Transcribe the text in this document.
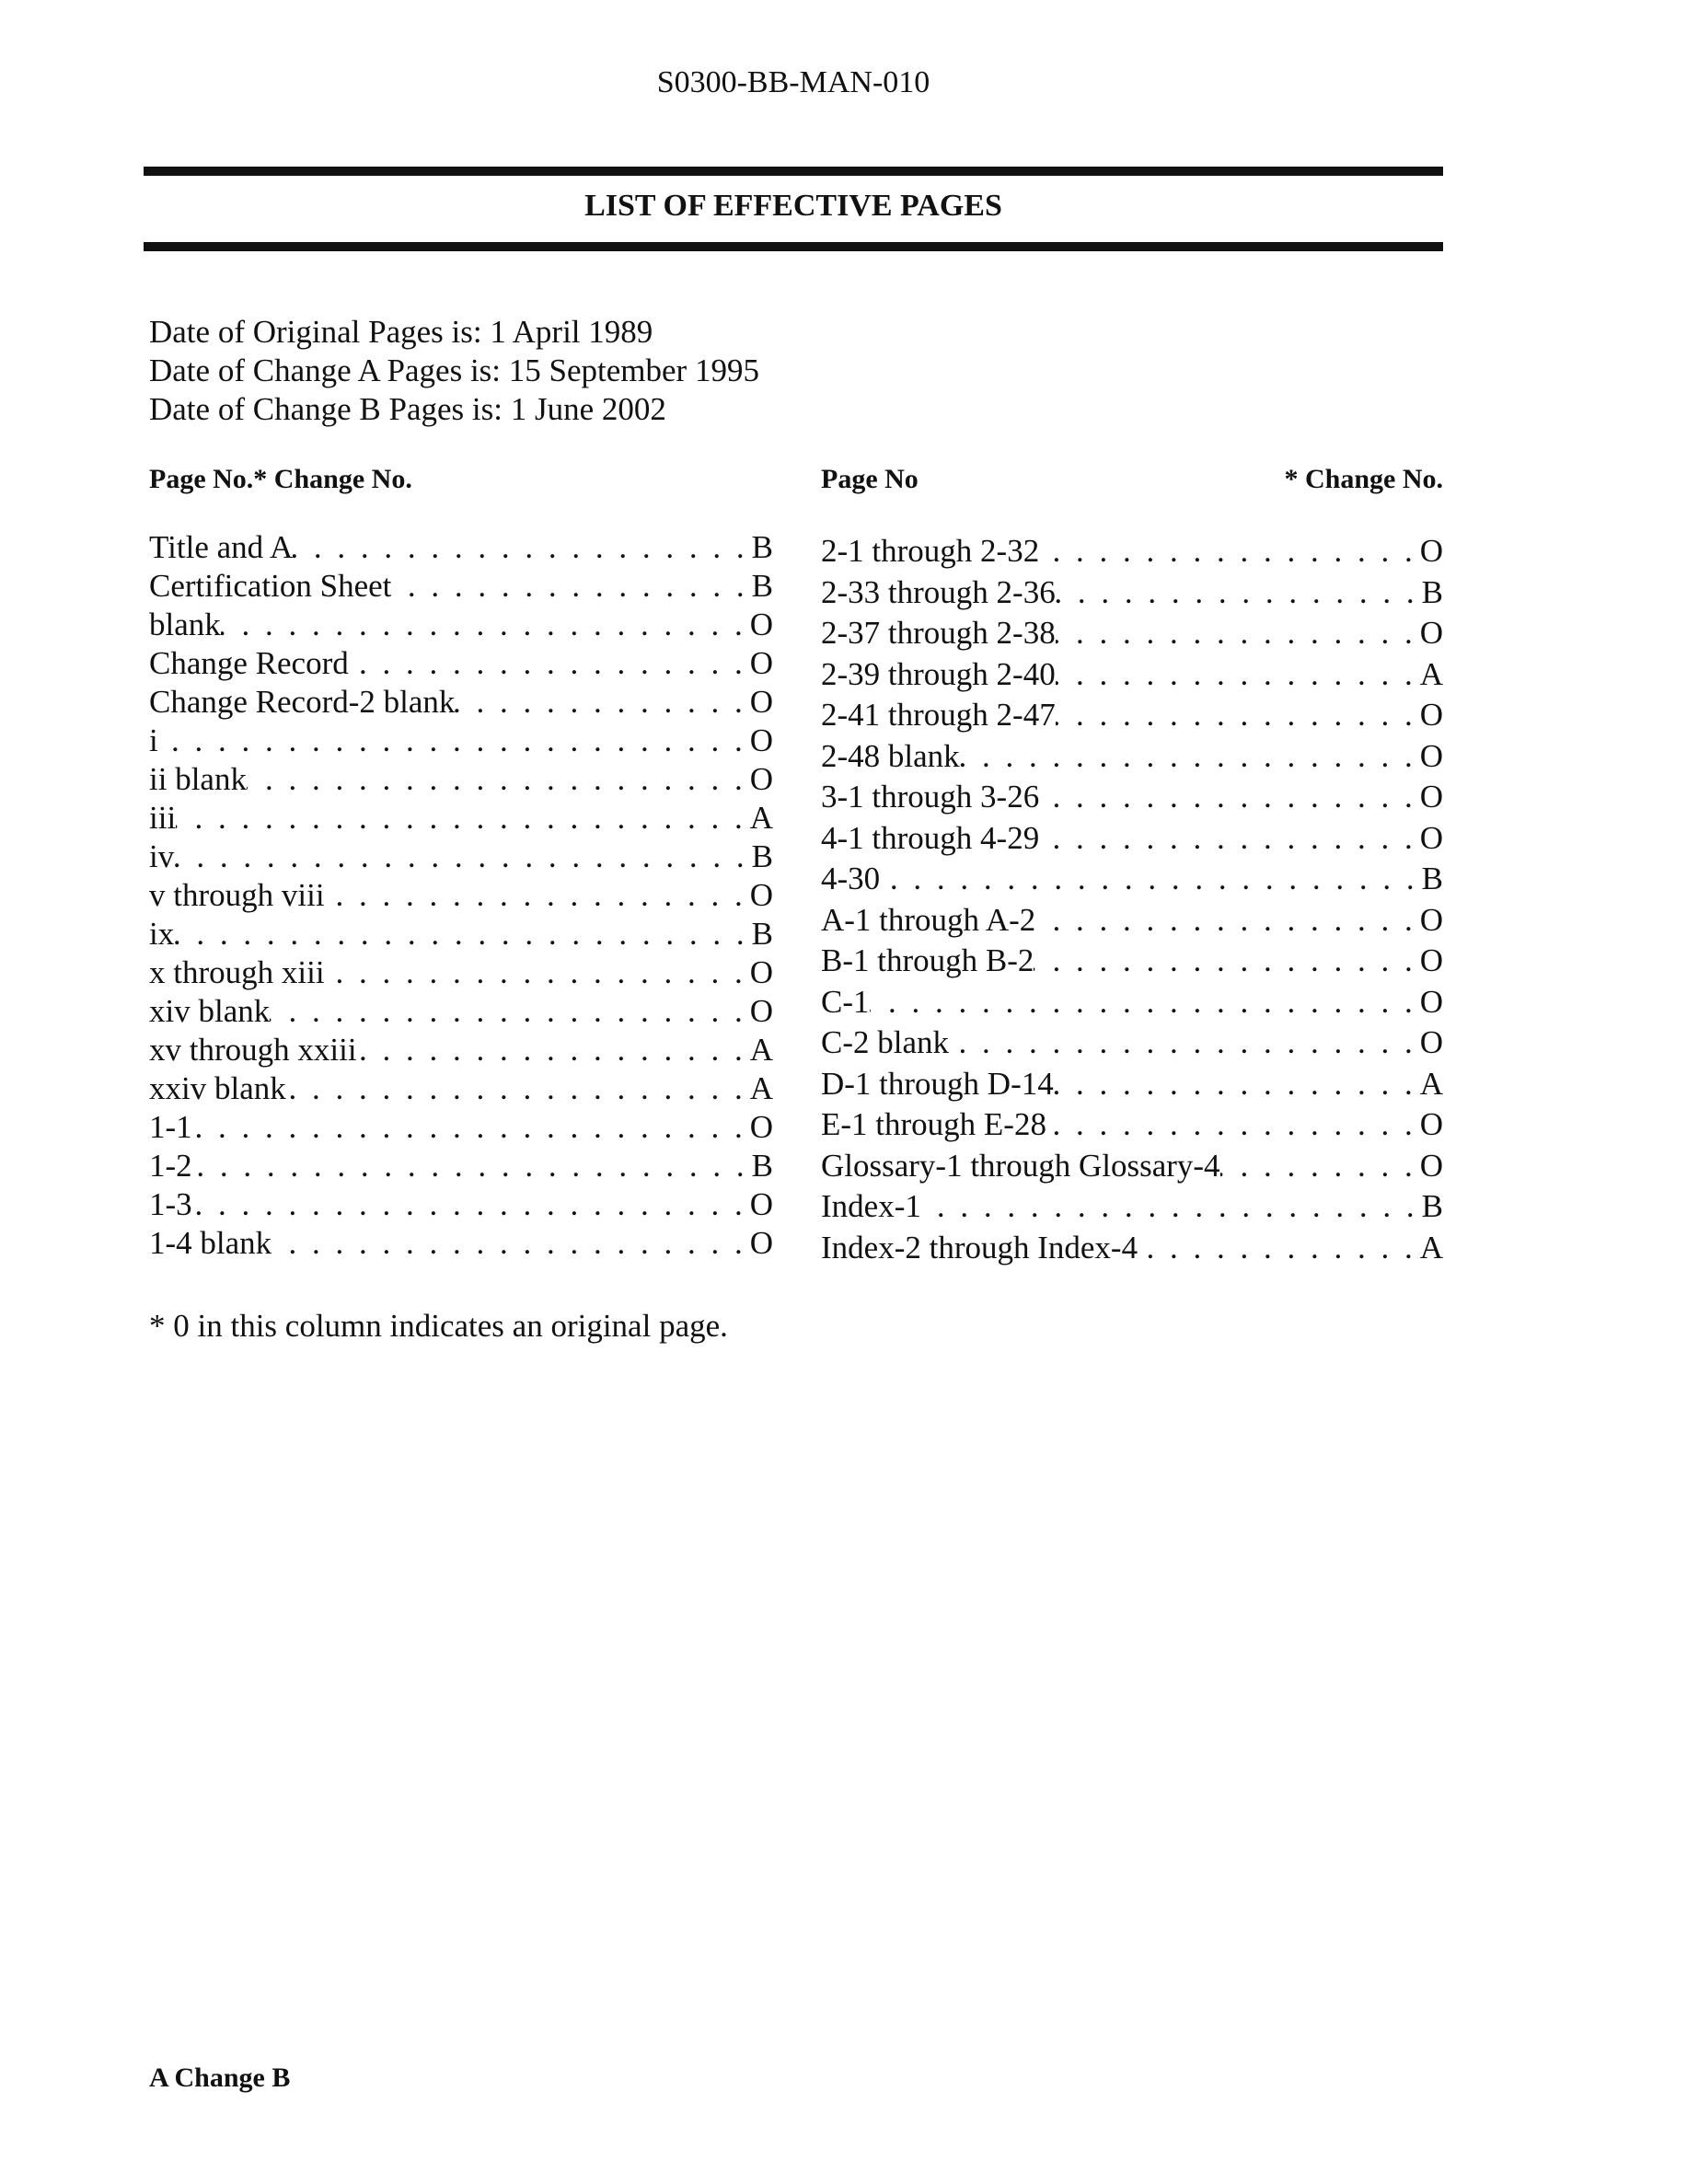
S0300-BB-MAN-010
LIST OF EFFECTIVE PAGES
Date of Original Pages is: 1 April 1989
Date of Change A Pages is: 15 September 1995
Date of Change B Pages is: 1 June 2002
Page No.* Change No.	Page No	* Change No.
Title and A . . .	B
Certification Sheet . . .	B
blank . . .	O
Change Record . . .	O
Change Record-2 blank . . .	O
i . . .	O
ii blank . . .	O
iii . . .	A
iv . . .	B
v through viii . . .	O
ix . . .	B
x through xiii . . .	O
xiv blank . . .	O
xv through xxiii . . .	A
xxiv blank . . .	A
1-1 . . .	O
1-2 . . .	B
1-3 . . .	O
1-4 blank . . .	O
2-1 through 2-32 . . .	O
2-33 through 2-36 . . .	B
2-37 through 2-38 . . .	O
2-39 through 2-40 . . .	A
2-41 through 2-47 . . .	O
2-48 blank . . .	O
3-1 through 3-26 . . .	O
4-1 through 4-29 . . .	O
4-30 . . .	B
A-1 through A-2 . . .	O
B-1 through B-2 . . .	O
C-1 . . .	O
C-2 blank . . .	O
D-1 through D-14 . . .	A
E-1 through E-28 . . .	O
Glossary-1 through Glossary-4 . . .	O
Index-1 . . .	B
Index-2 through Index-4 . . .	A
* 0 in this column indicates an original page.
A Change B
